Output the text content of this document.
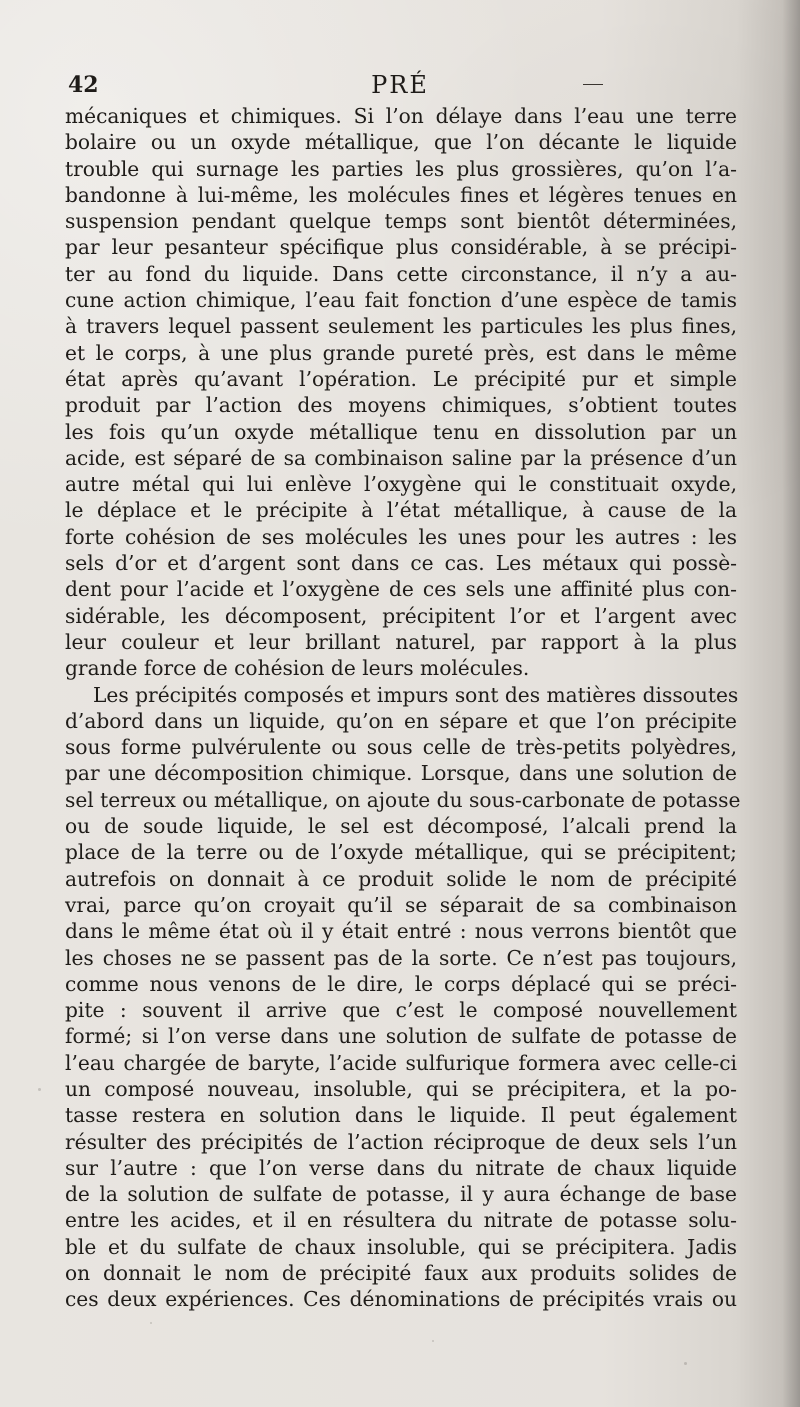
42	PRÉ
mécaniques et chimiques. Si l’on délaye dans l’eau une terre
bolaire ou un oxyde métallique, que l’on décante le liquide
trouble qui surnage les parties les plus grossières, qu’on l’a-
bandonne à lui-même, les molécules fines et légères tenues en
suspension pendant quelque temps sont bientôt déterminées,
par leur pesanteur spécifique plus considérable, à se précipi-
ter au fond du liquide. Dans cette circonstance, il n’y a au-
cune action chimique, l’eau fait fonction d’une espèce de tamis
à travers lequel passent seulement les particules les plus fines,
et le corps, à une plus grande pureté près, est dans le même
état après qu’avant l’opération. Le précipité pur et simple
produit par l’action des moyens chimiques, s’obtient toutes
les fois qu’un oxyde métallique tenu en dissolution par un
acide, est séparé de sa combinaison saline par la présence d’un
autre métal qui lui enlève l’oxygène qui le constituait oxyde,
le déplace et le précipite à l’état métallique, à cause de la
forte cohésion de ses molécules les unes pour les autres : les
sels d’or et d’argent sont dans ce cas. Les métaux qui possè-
dent pour l’acide et l’oxygène de ces sels une affinité plus con-
sidérable, les décomposent, précipitent l’or et l’argent avec
leur couleur et leur brillant naturel, par rapport à la plus
grande force de cohésion de leurs molécules.
Les précipités composés et impurs sont des matières dissoutes
d’abord dans un liquide, qu’on en sépare et que l’on précipite
sous forme pulvérulente ou sous celle de très-petits polyèdres,
par une décomposition chimique. Lorsque, dans une solution de
sel terreux ou métallique, on ajoute du sous-carbonate de potasse
ou de soude liquide, le sel est décomposé, l’alcali prend la
place de la terre ou de l’oxyde métallique, qui se précipitent;
autrefois on donnait à ce produit solide le nom de précipité
vrai, parce qu’on croyait qu’il se séparait de sa combinaison
dans le même état où il y était entré : nous verrons bientôt que
les choses ne se passent pas de la sorte. Ce n’est pas toujours,
comme nous venons de le dire, le corps déplacé qui se préci-
pite : souvent il arrive que c’est le composé nouvellement
formé; si l’on verse dans une solution de sulfate de potasse de
l’eau chargée de baryte, l’acide sulfurique formera avec celle-ci
un composé nouveau, insoluble, qui se précipitera, et la po-
tasse restera en solution dans le liquide. Il peut également
résulter des précipités de l’action réciproque de deux sels l’un
sur l’autre : que l’on verse dans du nitrate de chaux liquide
de la solution de sulfate de potasse, il y aura échange de base
entre les acides, et il en résultera du nitrate de potasse solu-
ble et du sulfate de chaux insoluble, qui se précipitera. Jadis
on donnait le nom de précipité faux aux produits solides de
ces deux expériences. Ces dénominations de précipités vrais ou
